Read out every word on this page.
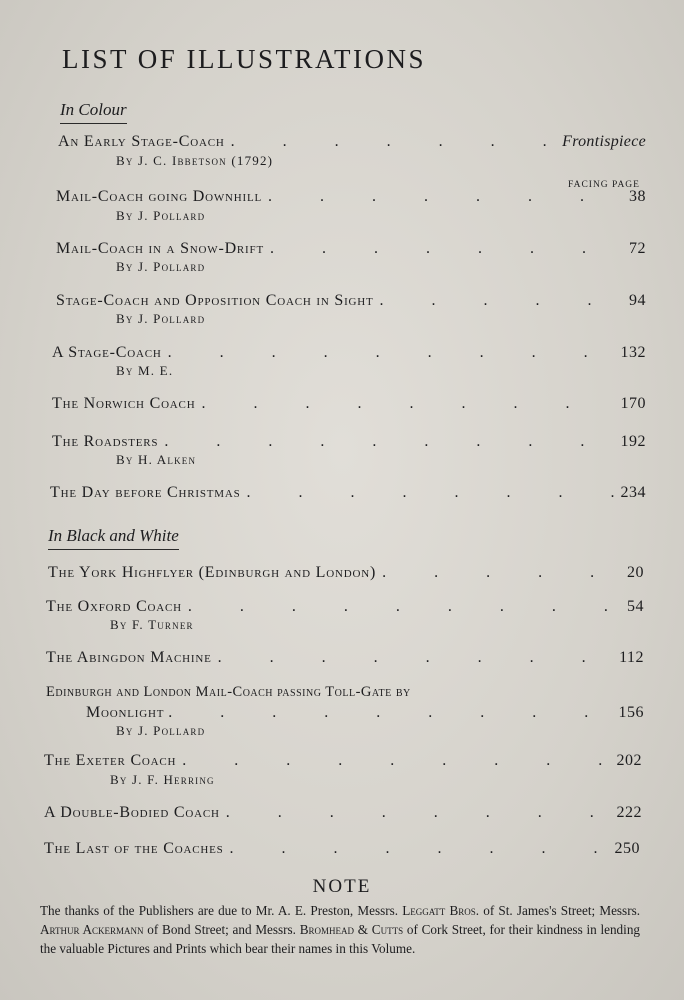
LIST OF ILLUSTRATIONS
In Colour
An Early Stage-Coach . . .	Frontispiece
By J. C. Ibbetson (1792)
FACING PAGE
Mail-Coach going Downhill . . .	38
By J. Pollard
Mail-Coach in a Snow-Drift . . .	72
By J. Pollard
Stage-Coach and Opposition Coach in Sight . . .	94
By J. Pollard
A Stage-Coach . . .	132
By M. E.
The Norwich Coach . . .	170
The Roadsters . . .	192
By H. Alken
The Day before Christmas . . .	234
In Black and White
The York Highflyer (Edinburgh and London) . . .	20
The Oxford Coach . . .	54
By F. Turner
The Abingdon Machine . . .	112
Edinburgh and London Mail-Coach passing Toll-Gate by
Moonlight . . .	156
By J. Pollard
The Exeter Coach . . .	202
By J. F. Herring
A Double-Bodied Coach . . .	222
The Last of the Coaches . . .	250
NOTE
The thanks of the Publishers are due to Mr. A. E. Preston, Messrs. Leggatt Bros. of St. James's Street; Messrs. Arthur Ackermann of Bond Street; and Messrs. Bromhead & Cutts of Cork Street, for their kindness in lending the valuable Pictures and Prints which bear their names in this Volume.
